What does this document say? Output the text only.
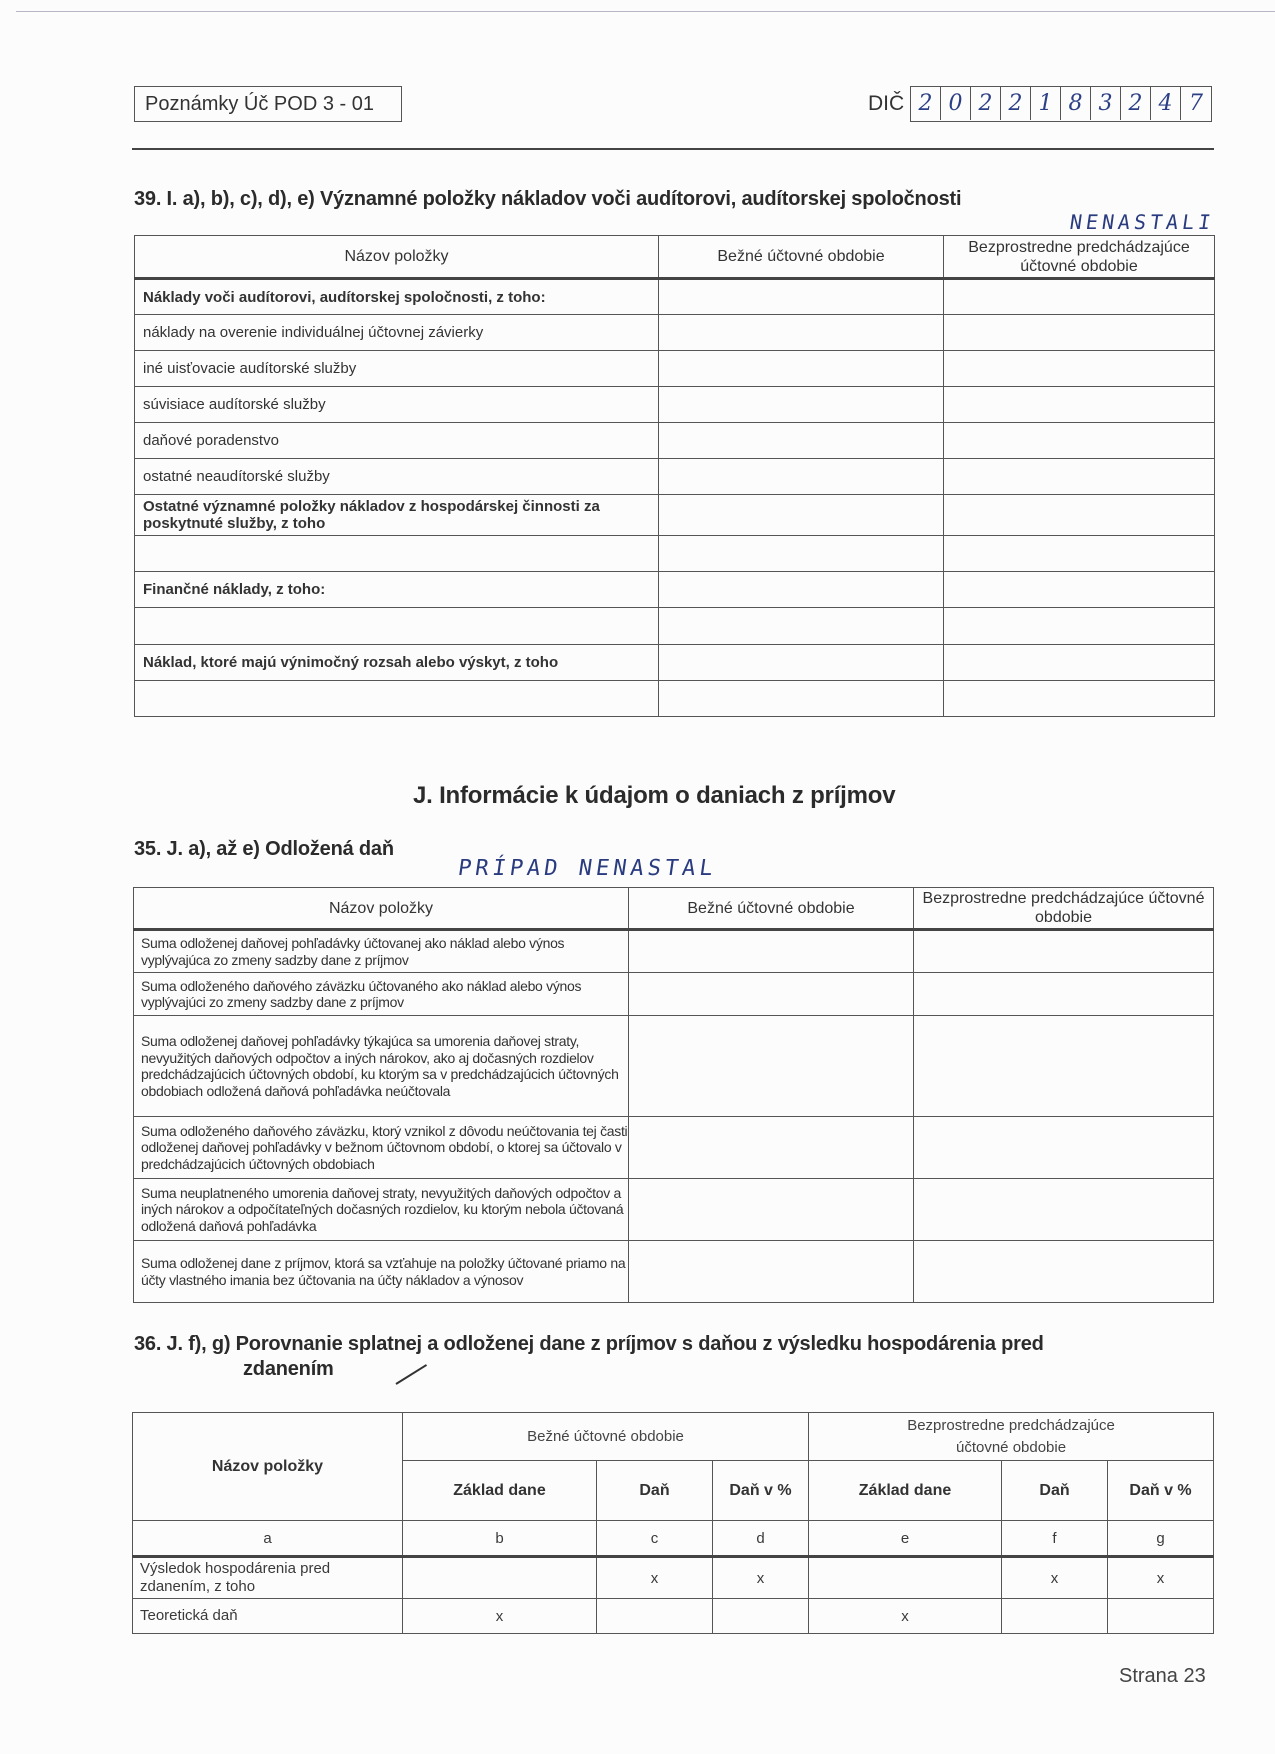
Poznámky Úč POD 3 - 01	DIČ 2 0 2 2 1 8 3 2 4 7
39. I. a), b), c), d), e) Významné položky nákladov voči audítorovi, audítorskej spoločnosti
NENASTALI
Názov položky	Bežné účtovné obdobie	Bezprostredne predchádzajúce účtovné obdobie
Náklady voči audítorovi, audítorskej spoločnosti, z toho:		
náklady na overenie individuálnej účtovnej závierky		
iné uisťovacie audítorské služby		
súvisiace audítorské služby		
daňové poradenstvo		
ostatné neaudítorské služby		
Ostatné významné položky nákladov z hospodárskej činnosti za poskytnuté služby, z toho		

Finančné náklady, z toho:		

Náklad, ktoré majú výnimočný rozsah alebo výskyt, z toho		

J. Informácie k údajom o daniach z príjmov
35. J. a), až e) Odložená daň
PRÍPAD NENASTAL
Názov položky	Bežné účtovné obdobie	Bezprostredne predchádzajúce účtovné obdobie
Suma odloženej daňovej pohľadávky účtovanej ako náklad alebo výnos vyplývajúca zo zmeny sadzby dane z príjmov		
Suma odloženého daňového záväzku účtovaného ako náklad alebo výnos vyplývajúci zo zmeny sadzby dane z príjmov		
Suma odloženej daňovej pohľadávky týkajúca sa umorenia daňovej straty, nevyužitých daňových odpočtov a iných nárokov, ako aj dočasných rozdielov predchádzajúcich účtovných období, ku ktorým sa v predchádzajúcich účtovných obdobiach odložená daňová pohľadávka neúčtovala		
Suma odloženého daňového záväzku, ktorý vznikol z dôvodu neúčtovania tej časti odloženej daňovej pohľadávky v bežnom účtovnom období, o ktorej sa účtovalo v predchádzajúcich účtovných obdobiach		
Suma neuplatneného umorenia daňovej straty, nevyužitých daňových odpočtov a iných nárokov a odpočítateľných dočasných rozdielov, ku ktorým nebola účtovaná odložená daňová pohľadávka		
Suma odloženej dane z príjmov, ktorá sa vzťahuje na položky účtované priamo na účty vlastného imania bez účtovania na účty nákladov a výnosov		
36. J. f), g) Porovnanie splatnej a odloženej dane z príjmov s daňou z výsledku hospodárenia pred
zdanením
Názov položky	Bežné účtovné obdobie			Bezprostredne predchádzajúce účtovné obdobie		
	Základ dane	Daň	Daň v %	Základ dane	Daň	Daň v %
a	b	c	d	e	f	g
Výsledok hospodárenia pred zdanením, z toho		x	x		x	x
Teoretická daň	x			x		
Strana 23
